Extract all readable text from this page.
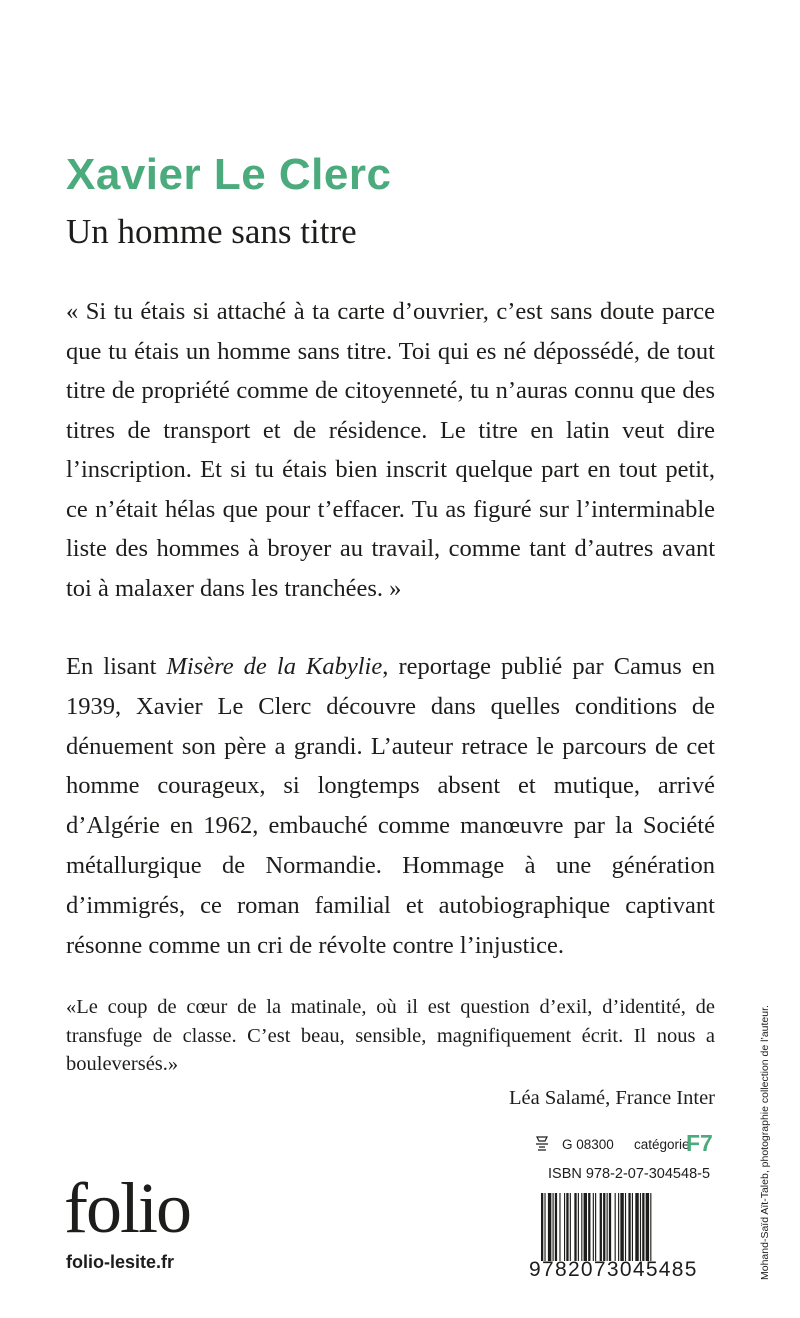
Xavier Le Clerc
Un homme sans titre
« Si tu étais si attaché à ta carte d’ouvrier, c’est sans doute parce que tu étais un homme sans titre. Toi qui es né dépossédé, de tout titre de propriété comme de citoyenneté, tu n’auras connu que des titres de transport et de résidence. Le titre en latin veut dire l’inscription. Et si tu étais bien inscrit quelque part en tout petit, ce n’était hélas que pour t’effacer. Tu as figuré sur l’interminable liste des hommes à broyer au travail, comme tant d’autres avant toi à malaxer dans les tranchées. »
En lisant Misère de la Kabylie, reportage publié par Camus en 1939, Xavier Le Clerc découvre dans quelles conditions de dénuement son père a grandi. L’auteur retrace le parcours de cet homme courageux, si longtemps absent et mutique, arrivé d’Algérie en 1962, embauché comme manœuvre par la Société métallurgique de Normandie. Hommage à une génération d’immigrés, ce roman familial et autobiographique captivant résonne comme un cri de révolte contre l’injustice.
«Le coup de cœur de la matinale, où il est question d’exil, d’identité, de transfuge de classe. C’est beau, sensible, magnifiquement écrit. Il nous a bouleversés.»
Léa Salamé, France Inter	Mohand-Saïd Aït-Taleb, photographie collection de l’auteur.
G 08300 catégorie
F7
ISBN 978-2-07-304548-5
9782073045485
folio
folio-lesite.fr
